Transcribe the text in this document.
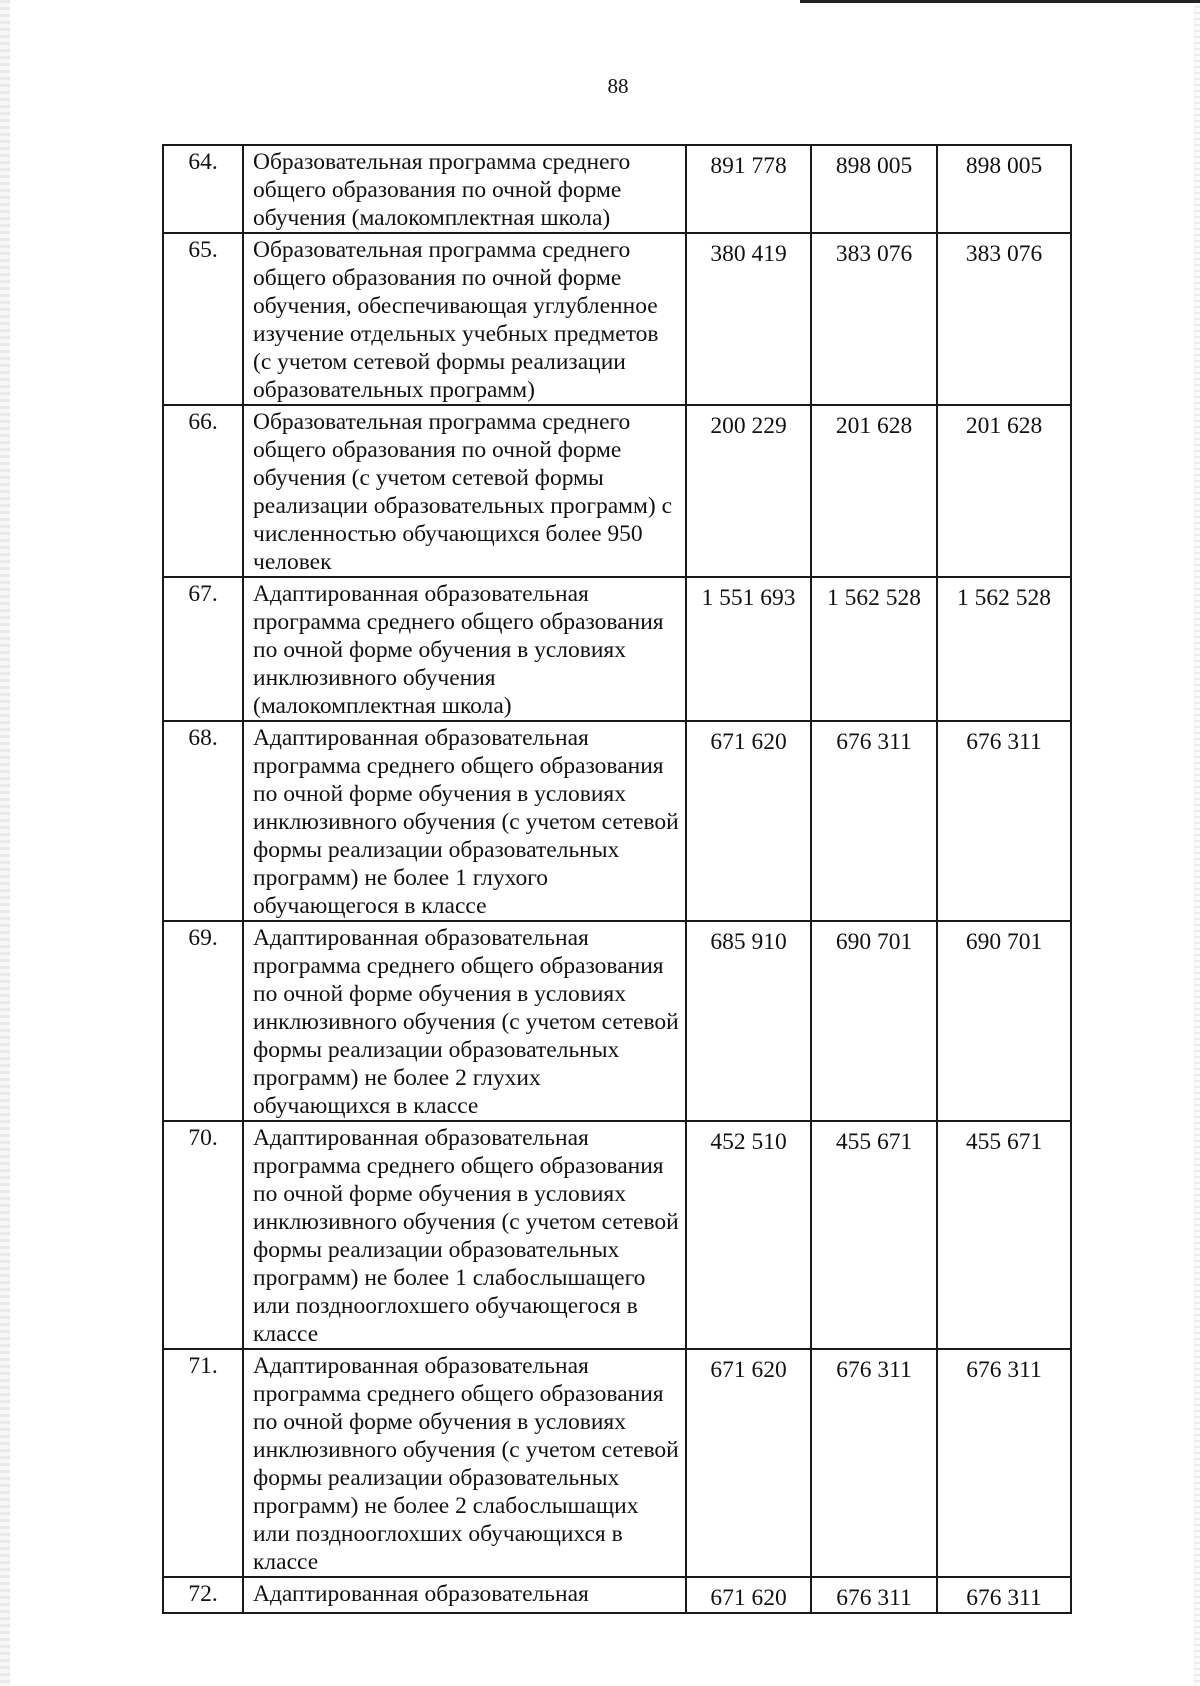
88
64.	Образовательная программа среднего общего образования по очной форме обучения (малокомплектная школа)	891 778	898 005	898 005
65.	Образовательная программа среднего общего образования по очной форме обучения, обеспечивающая углубленное изучение отдельных учебных предметов (с учетом сетевой формы реализации образовательных программ)	380 419	383 076	383 076
66.	Образовательная программа среднего общего образования по очной форме обучения (с учетом сетевой формы реализации образовательных программ) с численностью обучающихся более 950 человек	200 229	201 628	201 628
67.	Адаптированная образовательная программа среднего общего образования по очной форме обучения в условиях инклюзивного обучения (малокомплектная школа)	1 551 693	1 562 528	1 562 528
68.	Адаптированная образовательная программа среднего общего образования по очной форме обучения в условиях инклюзивного обучения (с учетом сетевой формы реализации образовательных программ) не более 1 глухого обучающегося в классе	671 620	676 311	676 311
69.	Адаптированная образовательная программа среднего общего образования по очной форме обучения в условиях инклюзивного обучения (с учетом сетевой формы реализации образовательных программ) не более 2 глухих обучающихся в классе	685 910	690 701	690 701
70.	Адаптированная образовательная программа среднего общего образования по очной форме обучения в условиях инклюзивного обучения (с учетом сетевой формы реализации образовательных программ) не более 1 слабослышащего или позднооглохшего обучающегося в классе	452 510	455 671	455 671
71.	Адаптированная образовательная программа среднего общего образования по очной форме обучения в условиях инклюзивного обучения (с учетом сетевой формы реализации образовательных программ) не более 2 слабослышащих или позднооглохших обучающихся в классе	671 620	676 311	676 311
72.	Адаптированная образовательная	671 620	676 311	676 311
